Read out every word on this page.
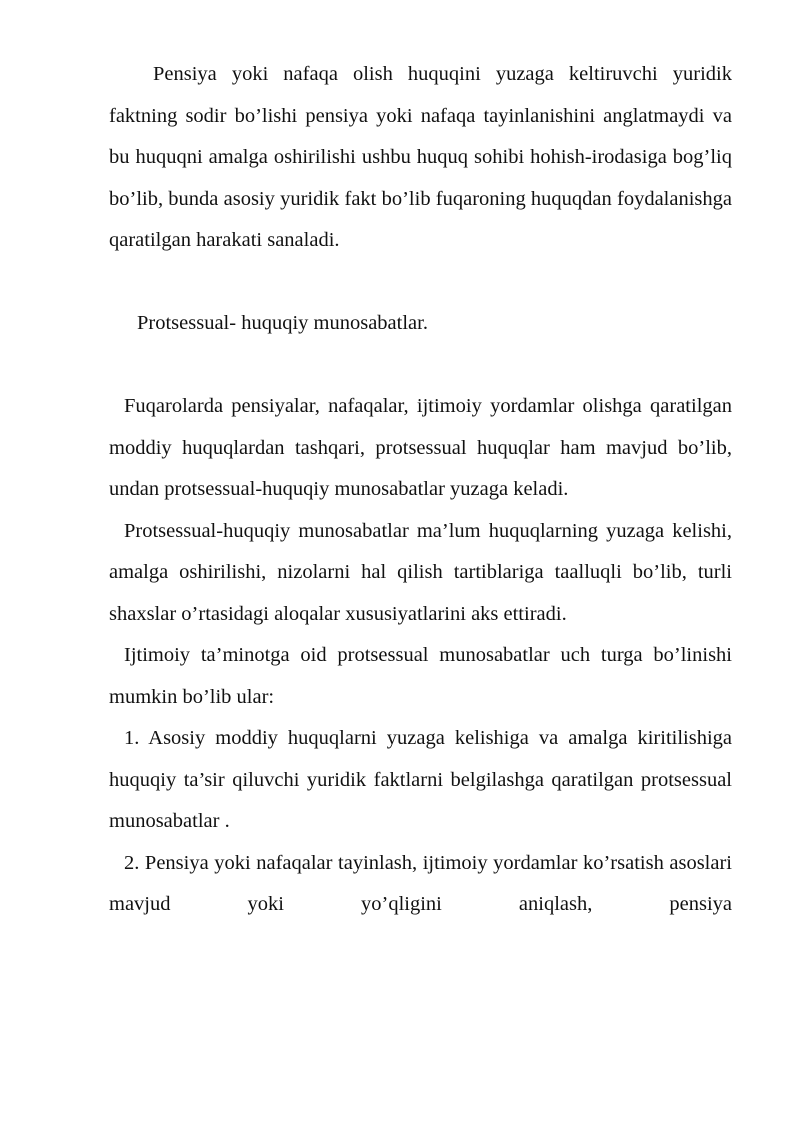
Pensiya yoki nafaqa olish huquqini yuzaga keltiruvchi yuridik faktning sodir bo’lishi pensiya yoki nafaqa tayinlanishini anglatmaydi va bu huquqni amalga oshirilishi ushbu huquq sohibi hohish-irodasiga bog’liq bo’lib, bunda asosiy yuridik fakt bo’lib fuqaroning huquqdan foydalanishga qaratilgan harakati sanaladi.

Protsessual- huquqiy munosabatlar.

Fuqarolarda pensiyalar, nafaqalar, ijtimoiy yordamlar olishga qaratilgan moddiy huquqlardan tashqari, protsessual huquqlar ham mavjud bo’lib, undan protsessual-huquqiy munosabatlar yuzaga keladi.

Protsessual-huquqiy munosabatlar ma’lum huquqlarning yuzaga kelishi, amalga oshirilishi, nizolarni hal qilish tartiblariga taalluqli bo’lib, turli shaxslar o’rtasidagi aloqalar xususiyatlarini aks ettiradi.

Ijtimoiy ta’minotga oid protsessual munosabatlar uch turga bo’linishi mumkin bo’lib ular:

1. Asosiy moddiy huquqlarni yuzaga kelishiga va amalga kiritilishiga huquqiy ta’sir qiluvchi yuridik faktlarni belgilashga qaratilgan protsessual munosabatlar .

2. Pensiya yoki nafaqalar tayinlash, ijtimoiy yordamlar ko’rsatish asoslari mavjud yoki yo’qligini aniqlash, pensiya
